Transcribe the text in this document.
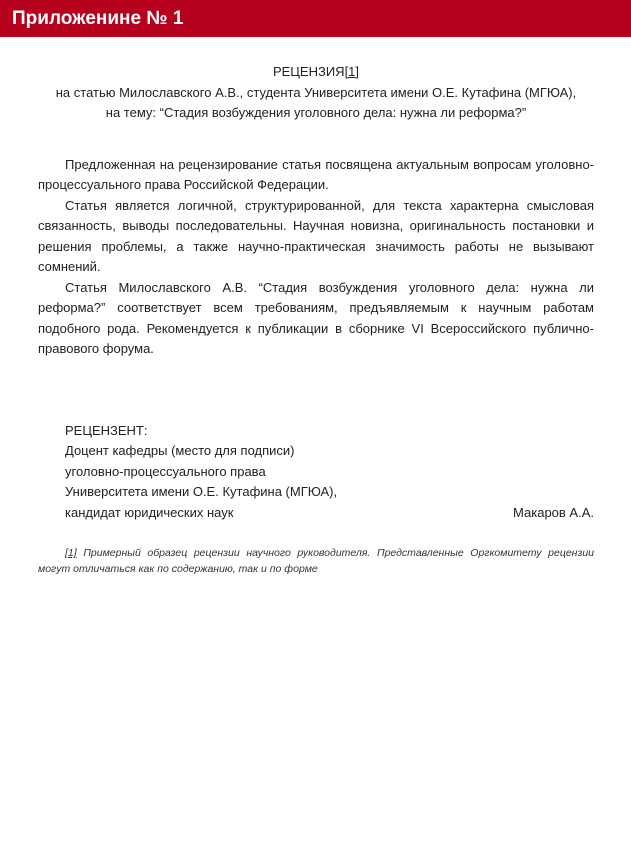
Приложенине № 1
РЕЦЕНЗИЯ[1]
на статью Милославского А.В., студента Университета имени О.Е. Кутафина (МГЮА),
на тему: “Стадия возбуждения уголовного дела: нужна ли реформа?”

Предложенная на рецензирование статья посвящена актуальным вопросам уголовно-процессуального права Российской Федерации.

Статья является логичной, структурированной, для текста характерна смысловая связанность, выводы последовательны. Научная новизна, оригинальность постановки и решения проблемы, а также научно-практическая значимость работы не вызывают сомнений.

Статья Милославского А.В. “Стадия возбуждения уголовного дела: нужна ли реформа?” соответствует всем требованиям, предъявляемым к научным работам подобного рода. Рекомендуется к публикации в сборнике VI Всероссийского публично-правового форума.

РЕЦЕНЗЕНТ:

Доцент кафедры (место для подписи)

уголовно-процессуального права

Университета имени О.Е. Кутафина (МГЮА),

кандидат юридических наук	Макаров А.А.
[1] Примерный образец рецензии научного руководителя. Представленные Оргкомитету рецензии могут отличаться как по содержанию, так и по форме
